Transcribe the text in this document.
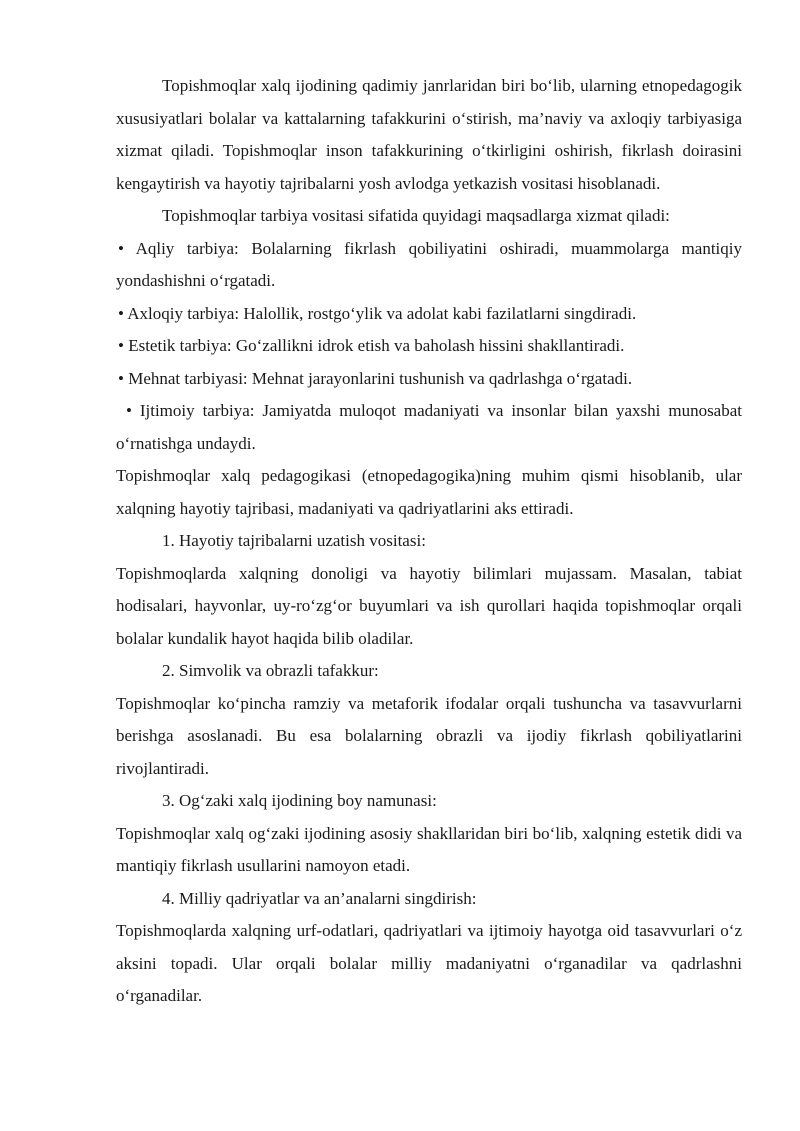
Topishmoqlar xalq ijodining qadimiy janrlaridan biri bo‘lib, ularning etnopedagogik xususiyatlari bolalar va kattalarning tafakkurini o‘stirish, ma’naviy va axloqiy tarbiyasiga xizmat qiladi. Topishmoqlar inson tafakkurining o‘tkirligini oshirish, fikrlash doirasini kengaytirish va hayotiy tajribalarni yosh avlodga yetkazish vositasi hisoblanadi.

Topishmoqlar tarbiya vositasi sifatida quyidagi maqsadlarga xizmat qiladi:

• Aqliy tarbiya: Bolalarning fikrlash qobiliyatini oshiradi, muammolarga mantiqiy yondashishni o‘rgatadi.

• Axloqiy tarbiya: Halollik, rostgo‘ylik va adolat kabi fazilatlarni singdiradi.

• Estetik tarbiya: Go‘zallikni idrok etish va baholash hissini shakllantiradi.

• Mehnat tarbiyasi: Mehnat jarayonlarini tushunish va qadrlashga o‘rgatadi.

• Ijtimoiy tarbiya: Jamiyatda muloqot madaniyati va insonlar bilan yaxshi munosabat o‘rnatishga undaydi.

Topishmoqlar xalq pedagogikasi (etnopedagogika)ning muhim qismi hisoblanib, ular xalqning hayotiy tajribasi, madaniyati va qadriyatlarini aks ettiradi.

1. Hayotiy tajribalarni uzatish vositasi:

Topishmoqlarda xalqning donoligi va hayotiy bilimlari mujassam. Masalan, tabiat hodisalari, hayvonlar, uy-ro‘zg‘or buyumlari va ish qurollari haqida topishmoqlar orqali bolalar kundalik hayot haqida bilib oladilar.

2. Simvolik va obrazli tafakkur:

Topishmoqlar ko‘pincha ramziy va metaforik ifodalar orqali tushuncha va tasavvurlarni berishga asoslanadi. Bu esa bolalarning obrazli va ijodiy fikrlash qobiliyatlarini rivojlantiradi.

3. Og‘zaki xalq ijodining boy namunasi:

Topishmoqlar xalq og‘zaki ijodining asosiy shakllaridan biri bo‘lib, xalqning estetik didi va mantiqiy fikrlash usullarini namoyon etadi.

4. Milliy qadriyatlar va an’analarni singdirish:

Topishmoqlarda xalqning urf-odatlari, qadriyatlari va ijtimoiy hayotga oid tasavvurlari o‘z aksini topadi. Ular orqali bolalar milliy madaniyatni o‘rganadilar va qadrlashni o‘rganadilar.
